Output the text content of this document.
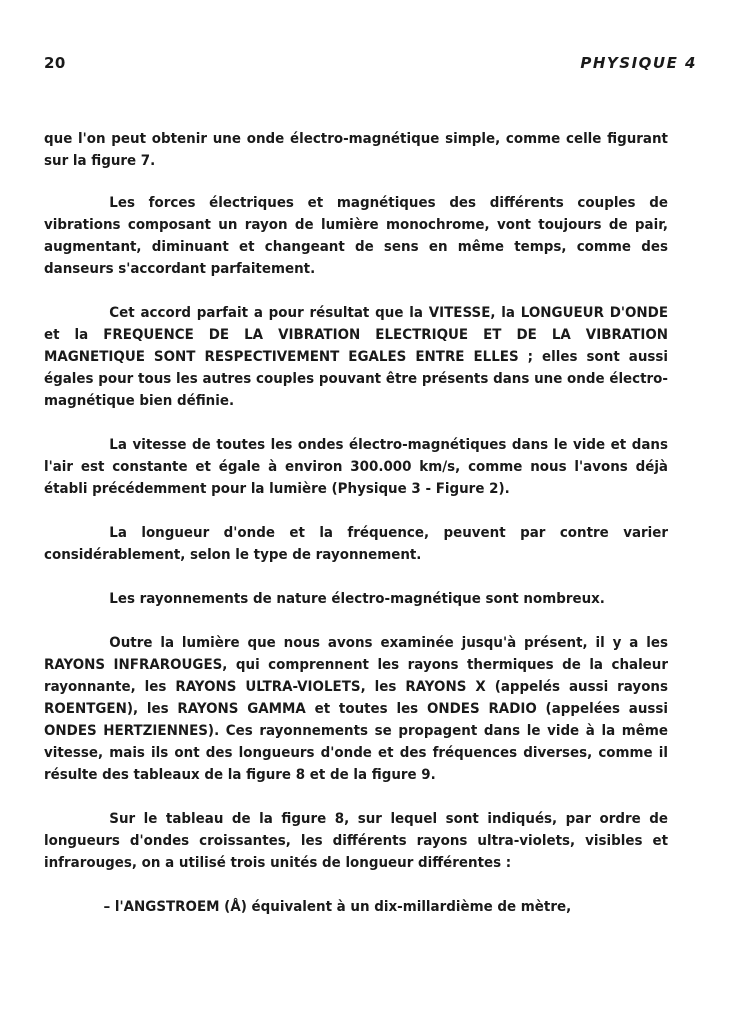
20	PHYSIQUE 4

que l'on peut obtenir une onde électro-magnétique simple, comme celle figurant sur la figure 7.

Les forces électriques et magnétiques des différents couples de vibrations composant un rayon de lumière monochrome, vont toujours de pair, augmentant, diminuant et changeant de sens en même temps, comme des danseurs s'accordant parfaitement.

Cet accord parfait a pour résultat que la VITESSE, la LONGUEUR D'ONDE et la FREQUENCE DE LA VIBRATION ELECTRIQUE ET DE LA VIBRATION MAGNETIQUE SONT RESPECTIVEMENT EGALES ENTRE ELLES ; elles sont aussi égales pour tous les autres couples pouvant être présents dans une onde électro-magnétique bien définie.

La vitesse de toutes les ondes électro-magnétiques dans le vide et dans l'air est constante et égale à environ 300.000 km/s, comme nous l'avons déjà établi précédemment pour la lumière (Physique 3 - Figure 2).

La longueur d'onde et la fréquence, peuvent par contre varier considérablement, selon le type de rayonnement.

Les rayonnements de nature électro-magnétique sont nombreux.

Outre la lumière que nous avons examinée jusqu'à présent, il y a les RAYONS INFRAROUGES, qui comprennent les rayons thermiques de la chaleur rayonnante, les RAYONS ULTRA-VIOLETS, les RAYONS X (appelés aussi rayons ROENTGEN), les RAYONS GAMMA et toutes les ONDES RADIO (appelées aussi ONDES HERTZIENNES). Ces rayonnements se propagent dans le vide à la même vitesse, mais ils ont des longueurs d'onde et des fréquences diverses, comme il résulte des tableaux de la figure 8 et de la figure 9.

Sur le tableau de la figure 8, sur lequel sont indiqués, par ordre de longueurs d'ondes croissantes, les différents rayons ultra-violets, visibles et infrarouges, on a utilisé trois unités de longueur différentes :

– l'ANGSTROEM (Å) équivalent à un dix-millardième de mètre,
